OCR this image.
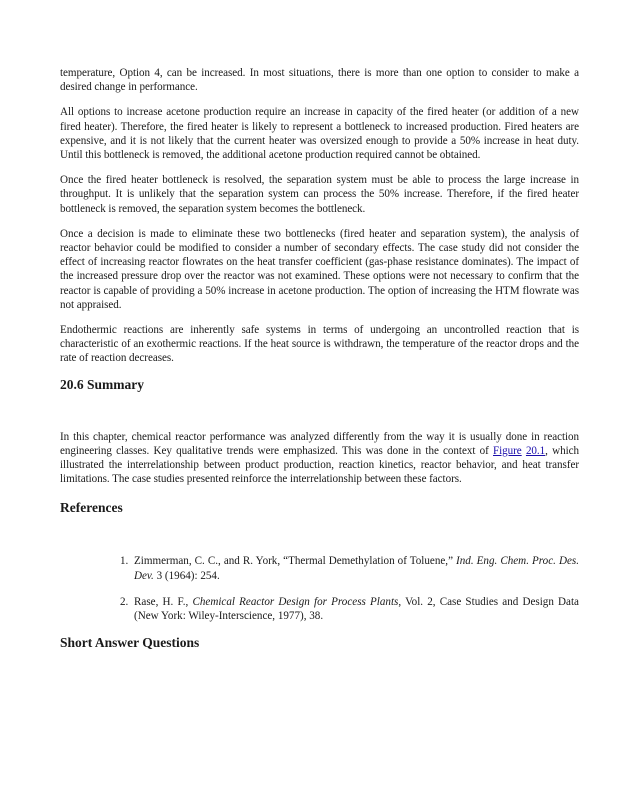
temperature, Option 4, can be increased. In most situations, there is more than one option to consider to make a desired change in performance.

All options to increase acetone production require an increase in capacity of the fired heater (or addition of a new fired heater). Therefore, the fired heater is likely to represent a bottleneck to increased production. Fired heaters are expensive, and it is not likely that the current heater was oversized enough to provide a 50% increase in heat duty. Until this bottleneck is removed, the additional acetone production required cannot be obtained.

Once the fired heater bottleneck is resolved, the separation system must be able to process the large increase in throughput. It is unlikely that the separation system can process the 50% increase. Therefore, if the fired heater bottleneck is removed, the separation system becomes the bottleneck.

Once a decision is made to eliminate these two bottlenecks (fired heater and separation system), the analysis of reactor behavior could be modified to consider a number of secondary effects. The case study did not consider the effect of increasing reactor flowrates on the heat transfer coefficient (gas-phase resistance dominates). The impact of the increased pressure drop over the reactor was not examined. These options were not necessary to confirm that the reactor is capable of providing a 50% increase in acetone production. The option of increasing the HTM flowrate was not appraised.

Endothermic reactions are inherently safe systems in terms of undergoing an uncontrolled reaction that is characteristic of an exothermic reactions. If the heat source is withdrawn, the temperature of the reactor drops and the rate of reaction decreases.

20.6 Summary

In this chapter, chemical reactor performance was analyzed differently from the way it is usually done in reaction engineering classes. Key qualitative trends were emphasized. This was done in the context of Figure 20.1, which illustrated the interrelationship between product production, reaction kinetics, reactor behavior, and heat transfer limitations. The case studies presented reinforce the interrelationship between these factors.

References
1. Zimmerman, C. C., and R. York, “Thermal Demethylation of Toluene,” Ind. Eng. Chem. Proc. Des. Dev. 3 (1964): 254.
2. Rase, H. F., Chemical Reactor Design for Process Plants, Vol. 2, Case Studies and Design Data (New York: Wiley-Interscience, 1977), 38.
Short Answer Questions
